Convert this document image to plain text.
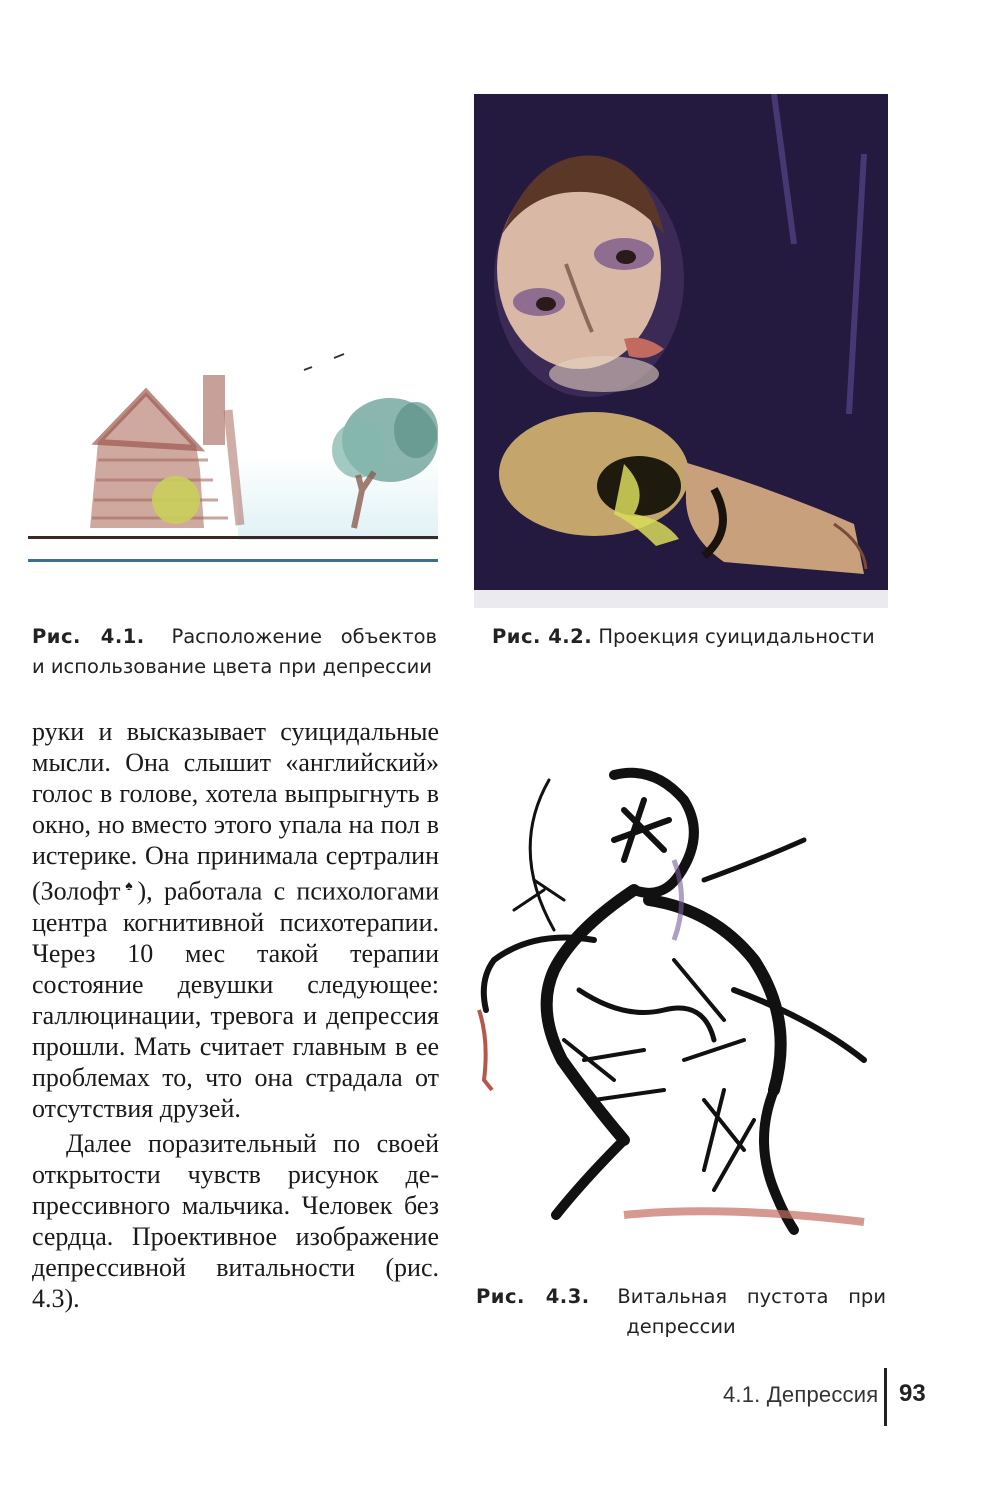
Рис. 4.1. Расположение объектов
и использование цвета при депрессии
Рис. 4.2. Проекция суицидальности
Рис. 4.3. Витальная пустота при
депрессии

руки и высказывает суицидальные мысли. Она слышит «английский» голос в голове, хотела выпрыгнуть в окно, но вместо этого упала на пол в истерике. Она принимала сертралин (Золофт♠), работала с психологами центра когнитивной психотерапии. Через 10 мес такой терапии состояние девушки следующее: галлюцинации, тревога и депрессия прошли. Мать считает главным в ее проблемах то, что она страдала от отсутствия друзей.

Далее поразительный по своей открытости чувств рисунок депрессивного мальчика. Человек без сердца. Проективное изображение депрессивной витальности (рис. 4.3).

4.1. Депрессия 93
